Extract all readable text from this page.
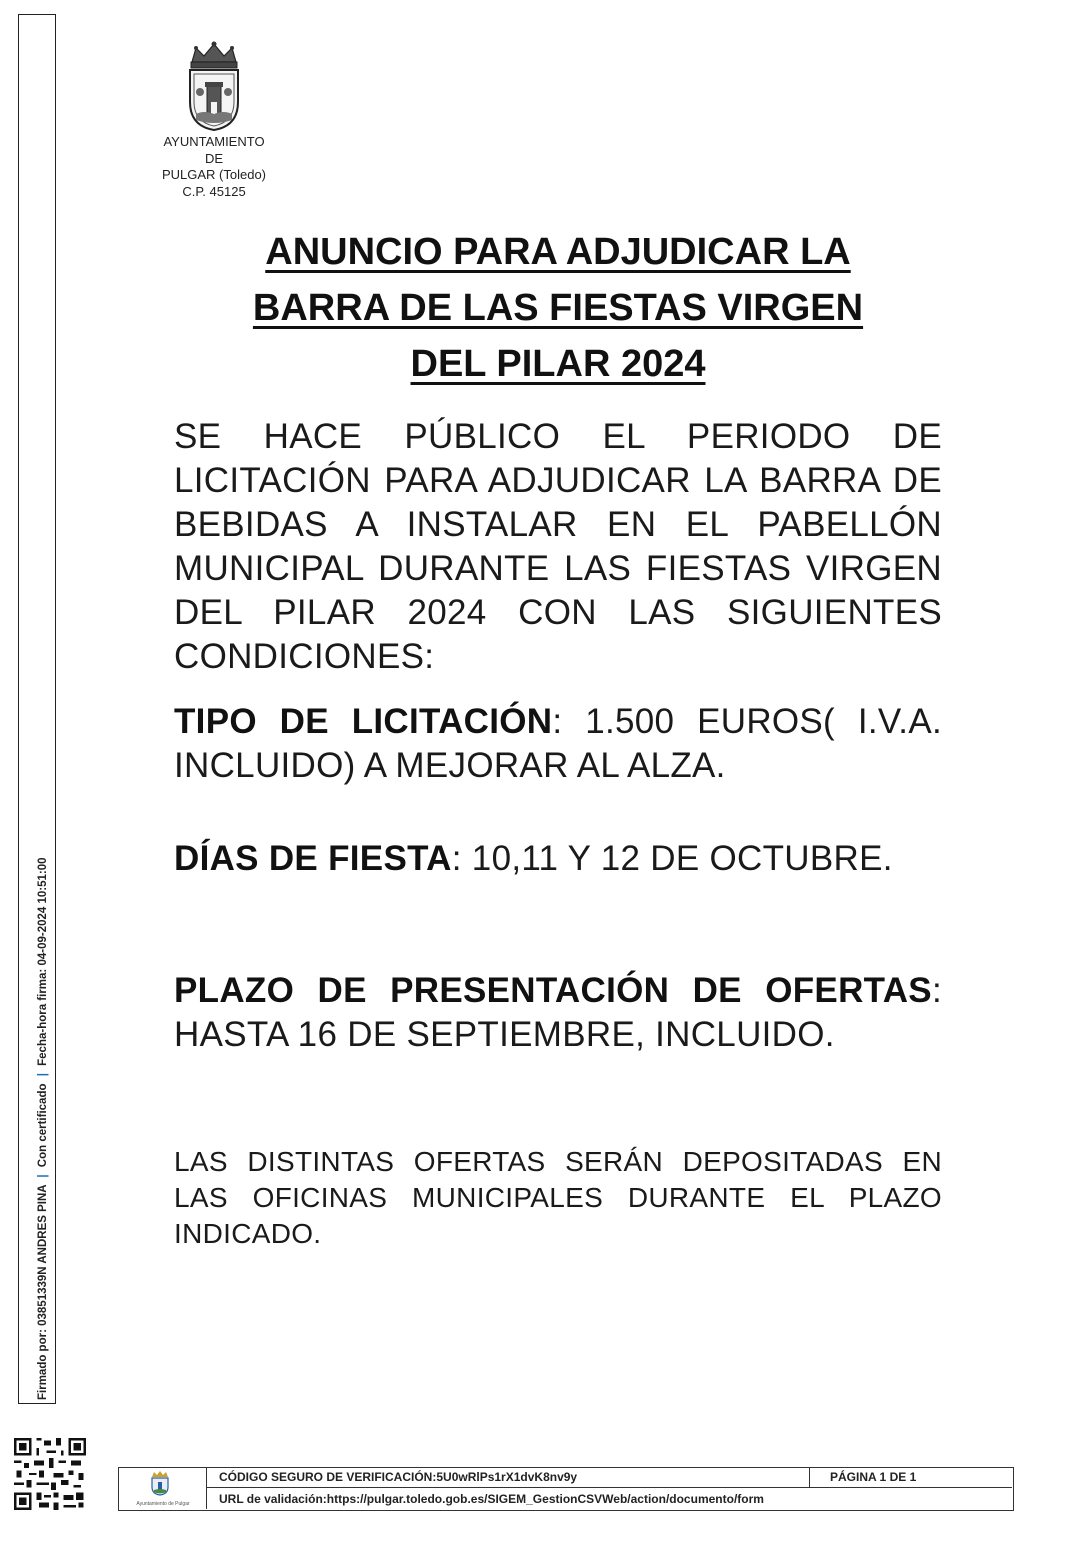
Firmado por: 03851339N ANDRES PINA | Con certificado | Fecha-hora firma: 04-09-2024 10:51:00
AYUNTAMIENTO
DE
PULGAR (Toledo)
C.P. 45125
ANUNCIO PARA ADJUDICAR LA
BARRA DE LAS FIESTAS VIRGEN
DEL PILAR 2024

SE HACE PÚBLICO EL PERIODO DE LICITACIÓN PARA ADJUDICAR LA BARRA DE BEBIDAS A INSTALAR EN EL PABELLÓN MUNICIPAL DURANTE LAS FIESTAS VIRGEN DEL PILAR 2024 CON LAS SIGUIENTES CONDICIONES:

TIPO DE LICITACIÓN: 1.500 EUROS( I.V.A. INCLUIDO) A MEJORAR AL ALZA.

DÍAS DE FIESTA: 10,11 Y 12 DE OCTUBRE.

PLAZO DE PRESENTACIÓN DE OFERTAS: HASTA 16 DE SEPTIEMBRE, INCLUIDO.

LAS DISTINTAS OFERTAS SERÁN DEPOSITADAS EN LAS OFICINAS MUNICIPALES DURANTE EL PLAZO INDICADO.

Ayuntamiento de Pulgar
CÓDIGO SEGURO DE VERIFICACIÓN:5U0wRlPs1rX1dvK8nv9y	PÁGINA 1 DE 1
URL de validación:https://pulgar.toledo.gob.es/SIGEM_GestionCSVWeb/action/documento/form
